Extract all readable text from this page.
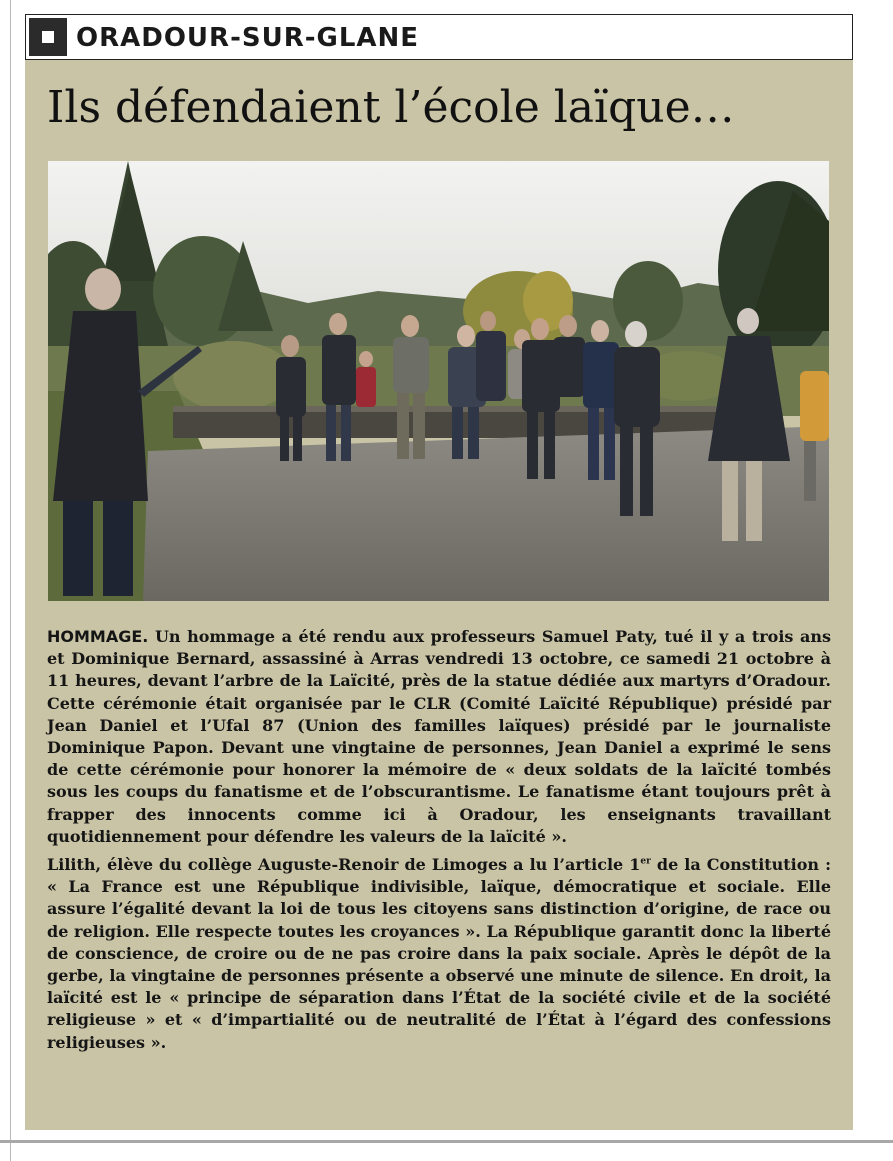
ORADOUR-SUR-GLANE
Ils défendaient l’école laïque…

HOMMAGE. Un hommage a été rendu aux professeurs Samuel Paty, tué il y a trois ans et Dominique Bernard, assassiné à Arras vendredi 13 octobre, ce samedi 21 octobre à 11 heures, devant l’arbre de la Laïcité, près de la statue dédiée aux martyrs d’Oradour. Cette cérémonie était organisée par le CLR (Comité Laïcité République) présidé par Jean Daniel et l’Ufal 87 (Union des familles laïques) présidé par le journaliste Dominique Papon. Devant une vingtaine de personnes, Jean Daniel a exprimé le sens de cette cérémonie pour honorer la mémoire de « deux soldats de la laïcité tombés sous les coups du fanatisme et de l’obscurantisme. Le fanatisme étant toujours prêt à frapper des innocents comme ici à Oradour, les enseignants travaillant quotidiennement pour défendre les valeurs de la laïcité ».

Lilith, élève du collège Auguste-Renoir de Limoges a lu l’article 1er de la Constitution : « La France est une République indivisible, laïque, démocratique et sociale. Elle assure l’égalité devant la loi de tous les citoyens sans distinction d’origine, de race ou de religion. Elle respecte toutes les croyances ». La République garantit donc la liberté de conscience, de croire ou de ne pas croire dans la paix sociale. Après le dépôt de la gerbe, la vingtaine de personnes présente a observé une minute de silence. En droit, la laïcité est le « principe de séparation dans l’État de la société civile et de la société religieuse » et « d’impartialité ou de neutralité de l’État à l’égard des confessions religieuses ».
